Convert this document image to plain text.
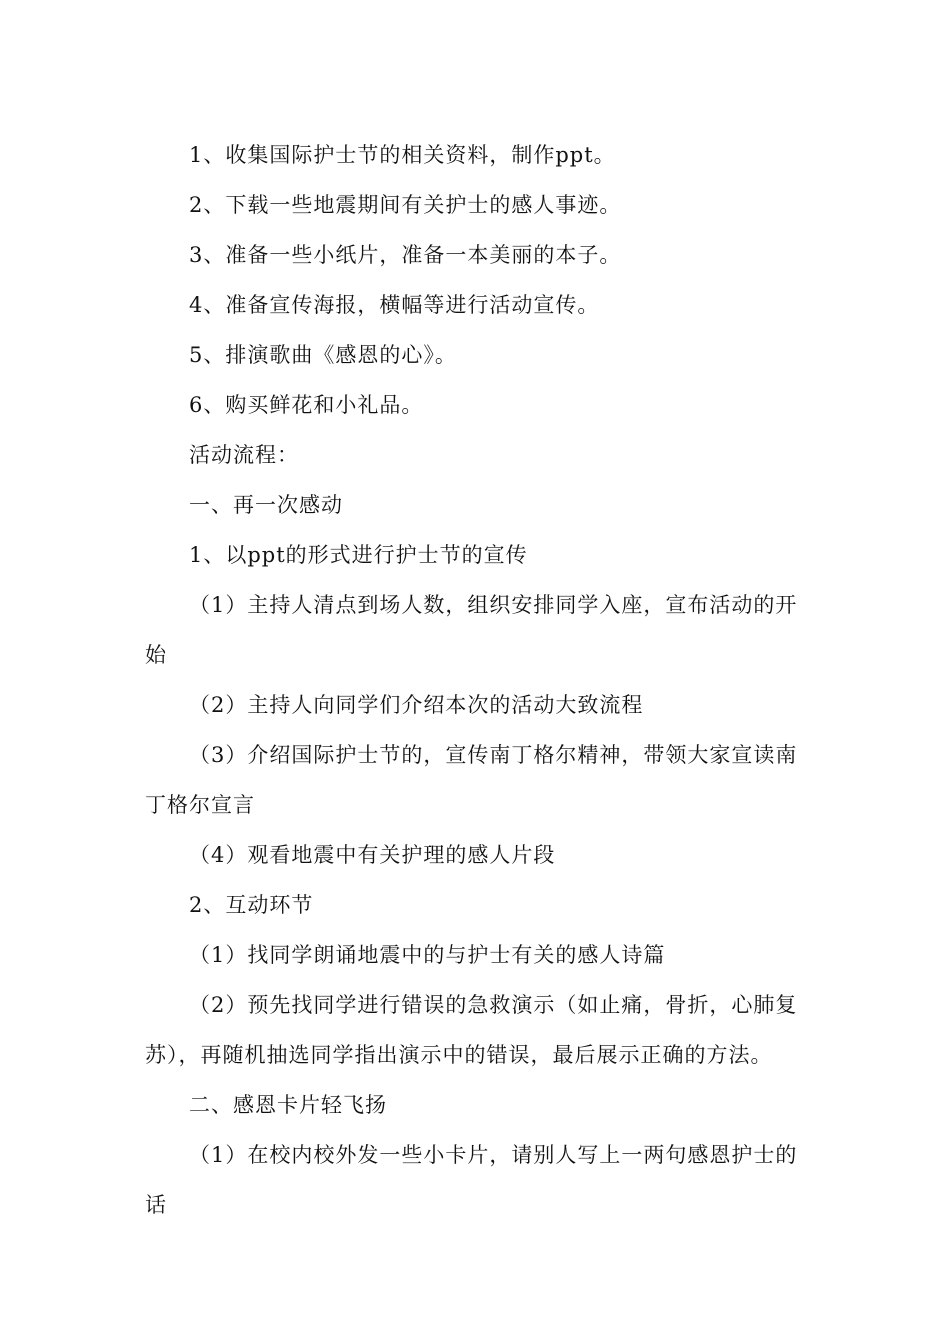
1、收集国际护士节的相关资料，制作ppt。

2、下载一些地震期间有关护士的感人事迹。

3、准备一些小纸片，准备一本美丽的本子。

4、准备宣传海报，横幅等进行活动宣传。

5、排演歌曲《感恩的心》。

6、购买鲜花和小礼品。

活动流程：

一、再一次感动

1、以ppt的形式进行护士节的宣传

（1）主持人清点到场人数，组织安排同学入座，宣布活动的开始

（2）主持人向同学们介绍本次的活动大致流程

（3）介绍国际护士节的，宣传南丁格尔精神，带领大家宣读南丁格尔宣言

（4）观看地震中有关护理的感人片段

2、互动环节

（1）找同学朗诵地震中的与护士有关的感人诗篇

（2）预先找同学进行错误的急救演示（如止痛，骨折，心肺复苏），再随机抽选同学指出演示中的错误，最后展示正确的方法。

二、感恩卡片轻飞扬

（1）在校内校外发一些小卡片，请别人写上一两句感恩护士的话
